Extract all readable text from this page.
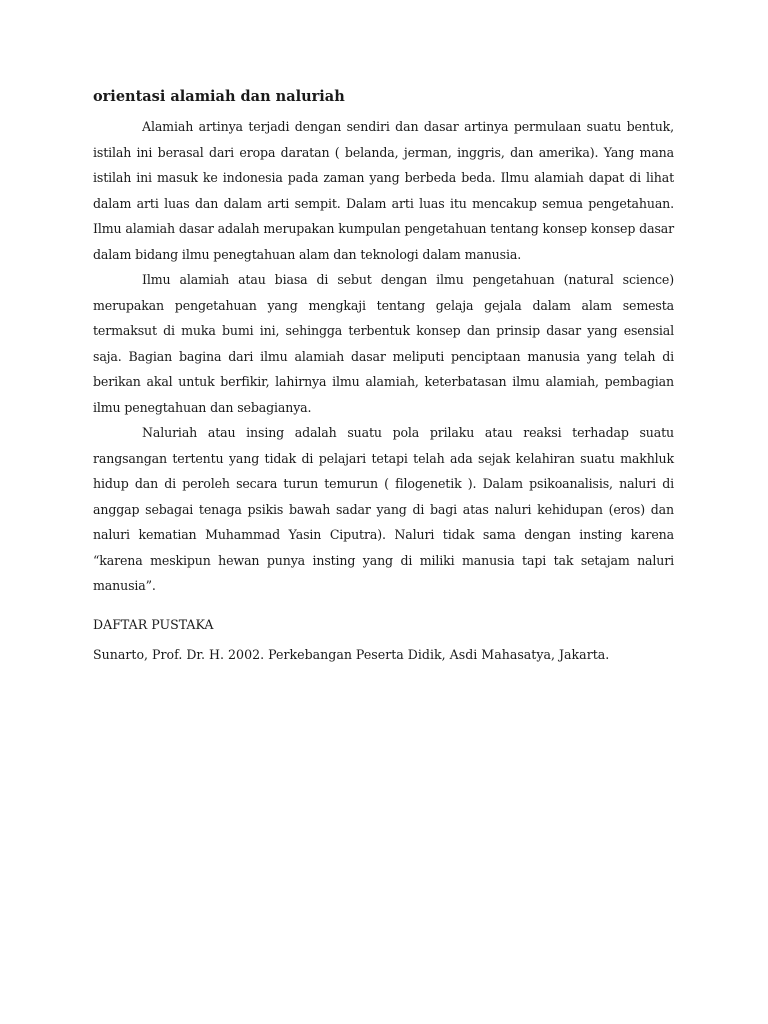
orientasi alamiah dan naluriah

Alamiah artinya terjadi dengan sendiri dan dasar artinya permulaan suatu bentuk, istilah ini berasal dari eropa daratan ( belanda, jerman, inggris, dan amerika). Yang mana istilah ini masuk ke indonesia pada zaman yang berbeda beda. Ilmu alamiah dapat di lihat dalam arti luas dan dalam arti sempit. Dalam arti luas itu mencakup semua pengetahuan. Ilmu alamiah dasar adalah merupakan kumpulan pengetahuan tentang konsep konsep dasar dalam bidang ilmu penegtahuan alam dan teknologi dalam manusia.

Ilmu alamiah atau biasa di sebut dengan ilmu pengetahuan (natural science) merupakan pengetahuan yang mengkaji tentang gelaja gejala dalam alam semesta termaksut di muka bumi ini, sehingga terbentuk konsep dan prinsip dasar yang esensial saja. Bagian bagina dari ilmu alamiah dasar meliputi penciptaan manusia yang telah di berikan akal untuk berfikir, lahirnya ilmu alamiah, keterbatasan ilmu alamiah, pembagian ilmu penegtahuan dan sebagianya.

Naluriah atau insing adalah suatu pola prilaku atau reaksi terhadap suatu rangsangan tertentu yang tidak di pelajari tetapi telah ada sejak kelahiran suatu makhluk hidup dan di peroleh secara turun temurun ( filogenetik ). Dalam psikoanalisis, naluri di anggap sebagai tenaga psikis bawah sadar yang di bagi atas naluri kehidupan (eros) dan naluri kematian Muhammad Yasin Ciputra). Naluri tidak sama dengan insting karena “karena meskipun hewan punya insting yang di miliki manusia tapi tak setajam naluri manusia”.

DAFTAR PUSTAKA

Sunarto, Prof. Dr. H. 2002. Perkebangan Peserta Didik, Asdi Mahasatya, Jakarta.
